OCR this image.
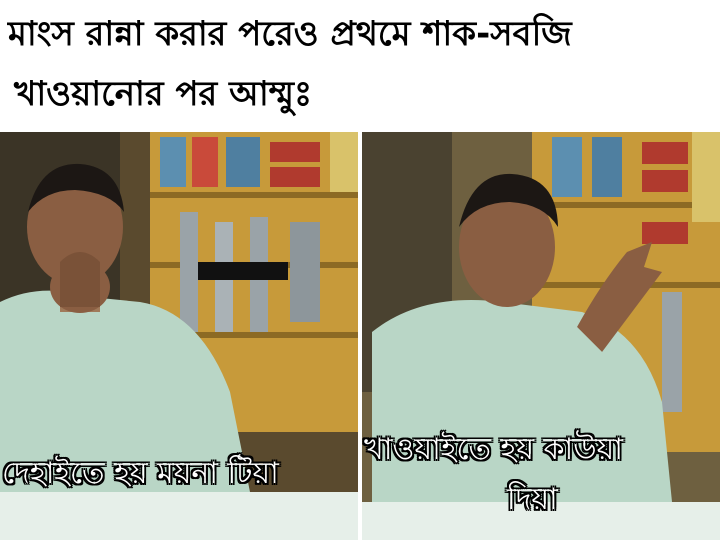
মাংস রান্না করার পরেও প্রথমে শাক-সবজি
খাওয়ানোর পর আম্মুঃ
দেহাইতে হয় ময়না টিয়া
খাওয়াইতে হয় কাউয়া
দিয়া
